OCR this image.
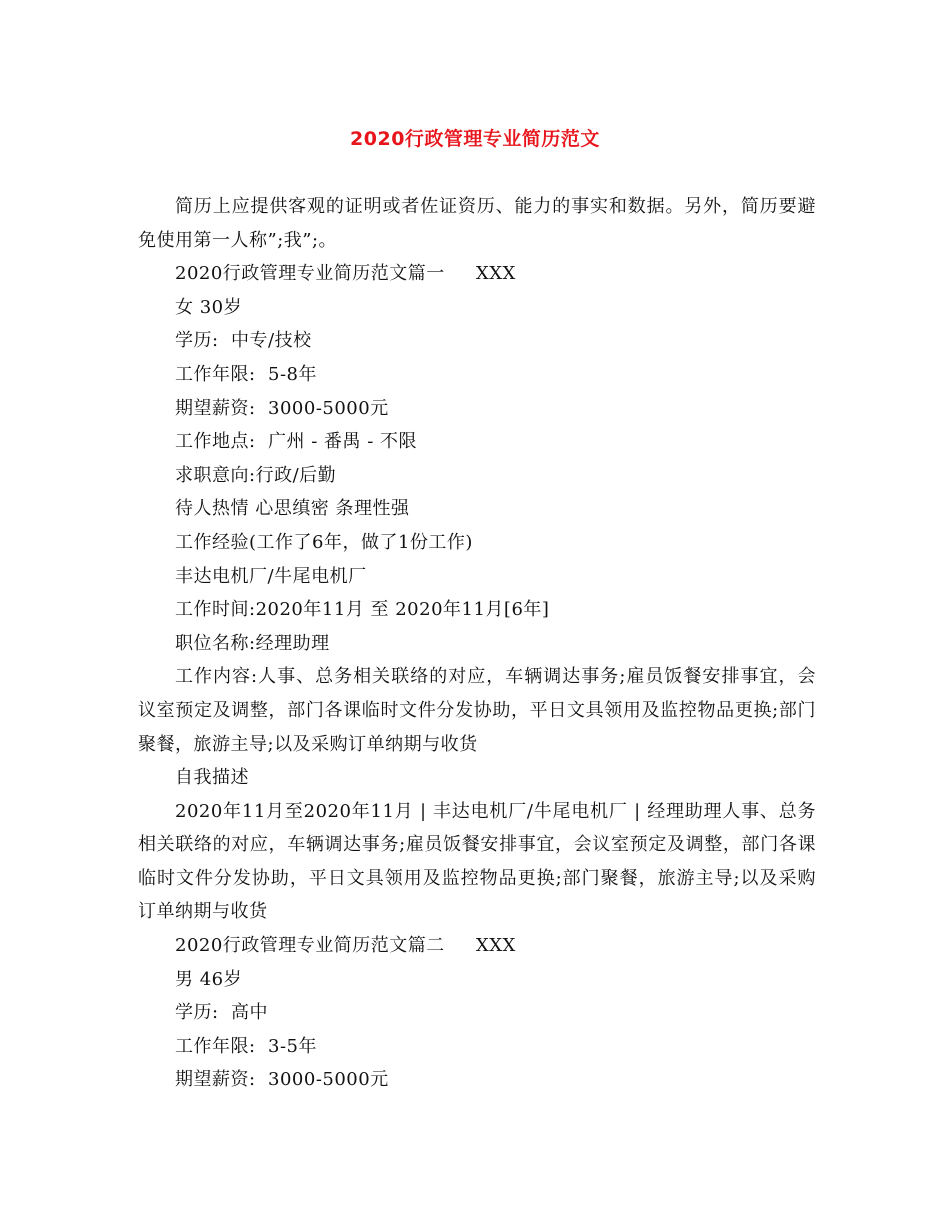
2020行政管理专业简历范文

简历上应提供客观的证明或者佐证资历、能力的事实和数据。另外，简历要避免使用第一人称”;我”;。

2020行政管理专业简历范文篇一     XXX

女 30岁

学历:  中专/技校

工作年限:  5-8年

期望薪资:  3000-5000元

工作地点:  广州 - 番禺 - 不限

求职意向:行政/后勤

待人热情 心思缜密 条理性强

工作经验(工作了6年，做了1份工作)

丰达电机厂/牛尾电机厂

工作时间:2020年11月 至 2020年11月[6年]

职位名称:经理助理

工作内容:人事、总务相关联络的对应，车辆调达事务;雇员饭餐安排事宜，会议室预定及调整，部门各课临时文件分发协助，平日文具领用及监控物品更换;部门聚餐，旅游主导;以及采购订单纳期与收货

自我描述

2020年11月至2020年11月 | 丰达电机厂/牛尾电机厂 | 经理助理人事、总务相关联络的对应，车辆调达事务;雇员饭餐安排事宜，会议室预定及调整，部门各课临时文件分发协助，平日文具领用及监控物品更换;部门聚餐，旅游主导;以及采购订单纳期与收货

2020行政管理专业简历范文篇二     XXX

男 46岁

学历:  高中

工作年限:  3-5年

期望薪资:  3000-5000元
